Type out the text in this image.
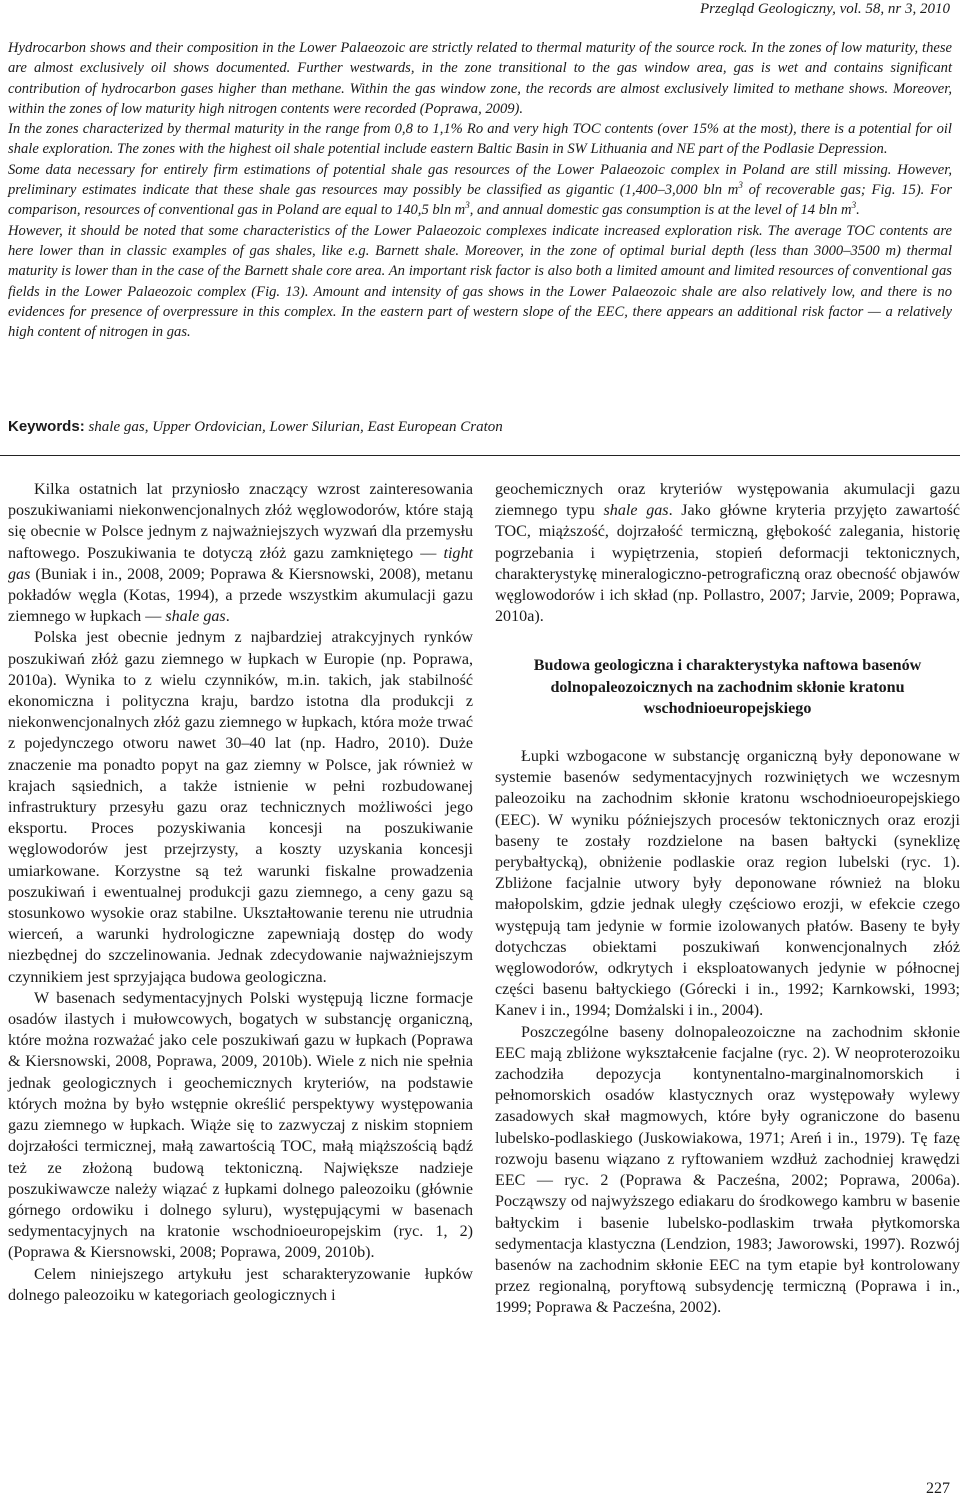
Przegląd Geologiczny, vol. 58, nr 3, 2010

Hydrocarbon shows and their composition in the Lower Palaeozoic are strictly related to thermal maturity of the source rock. In the zones of low maturity, these are almost exclusively oil shows documented. Further westwards, in the zone transitional to the gas window area, gas is wet and contains significant contribution of hydrocarbon gases higher than methane. Within the gas window zone, the records are almost exclusively limited to methane shows. Moreover, within the zones of low maturity high nitrogen contents were recorded (Poprawa, 2009).

In the zones characterized by thermal maturity in the range from 0,8 to 1,1% Ro and very high TOC contents (over 15% at the most), there is a potential for oil shale exploration. The zones with the highest oil shale potential include eastern Baltic Basin in SW Lithuania and NE part of the Podlasie Depression.

Some data necessary for entirely firm estimations of potential shale gas resources of the Lower Palaeozoic complex in Poland are still missing. However, preliminary estimates indicate that these shale gas resources may possibly be classified as gigantic (1,400–3,000 bln $m^3$ of recoverable gas; Fig. 15). For comparison, resources of conventional gas in Poland are equal to 140,5 bln $m^3$, and annual domestic gas consumption is at the level of 14 bln $m^3$.

However, it should be noted that some characteristics of the Lower Palaeozoic complexes indicate increased exploration risk. The average TOC contents are here lower than in classic examples of gas shales, like e.g. Barnett shale. Moreover, in the zone of optimal burial depth (less than 3000–3500 m) thermal maturity is lower than in the case of the Barnett shale core area. An important risk factor is also both a limited amount and limited resources of conventional gas fields in the Lower Palaeozoic complex (Fig. 13). Amount and intensity of gas shows in the Lower Palaeozoic shale are also relatively low, and there is no evidences for presence of overpressure in this complex. In the eastern part of western slope of the EEC, there appears an additional risk factor — a relatively high content of nitrogen in gas.

Keywords: shale gas, Upper Ordovician, Lower Silurian, East European Craton

Kilka ostatnich lat przyniosło znaczący wzrost zainteresowania poszukiwaniami niekonwencjonalnych złóż węglowodorów, które stają się obecnie w Polsce jednym z najważniejszych wyzwań dla przemysłu naftowego. Poszukiwania te dotyczą złóż gazu zamkniętego — tight gas (Buniak i in., 2008, 2009; Poprawa & Kiersnowski, 2008), metanu pokładów węgla (Kotas, 1994), a przede wszystkim akumulacji gazu ziemnego w łupkach — shale gas.

Polska jest obecnie jednym z najbardziej atrakcyjnych rynków poszukiwań złóż gazu ziemnego w łupkach w Europie (np. Poprawa, 2010a). Wynika to z wielu czynników, m.in. takich, jak stabilność ekonomiczna i polityczna kraju, bardzo istotna dla produkcji z niekonwencjonalnych złóż gazu ziemnego w łupkach, która może trwać z pojedynczego otworu nawet 30–40 lat (np. Hadro, 2010). Duże znaczenie ma ponadto popyt na gaz ziemny w Polsce, jak również w krajach sąsiednich, a także istnienie w pełni rozbudowanej infrastruktury przesyłu gazu oraz technicznych możliwości jego eksportu. Proces pozyskiwania koncesji na poszukiwanie węglowodorów jest przejrzysty, a koszty uzyskania koncesji umiarkowane. Korzystne są też warunki fiskalne prowadzenia poszukiwań i ewentualnej produkcji gazu ziemnego, a ceny gazu są stosunkowo wysokie oraz stabilne. Ukształtowanie terenu nie utrudnia wierceń, a warunki hydrologiczne zapewniają dostęp do wody niezbędnej do szczelinowania. Jednak zdecydowanie najważniejszym czynnikiem jest sprzyjająca budowa geologiczna.

W basenach sedymentacyjnych Polski występują liczne formacje osadów ilastych i mułowcowych, bogatych w substancję organiczną, które można rozważać jako cele poszukiwań gazu w łupkach (Poprawa & Kiersnowski, 2008, Poprawa, 2009, 2010b). Wiele z nich nie spełnia jednak geologicznych i geochemicznych kryteriów, na podstawie których można by było wstępnie określić perspektywy występowania gazu ziemnego w łupkach. Wiąże się to zazwyczaj z niskim stopniem dojrzałości termicznej, małą zawartością TOC, małą miąższością bądź też ze złożoną budową tektoniczną. Największe nadzieje poszukiwawcze należy wiązać z łupkami dolnego paleozoiku (głównie górnego ordowiku i dolnego syluru), występującymi w basenach sedymentacyjnych na kratonie wschodnioeuropejskim (ryc. 1, 2) (Poprawa & Kiersnowski, 2008; Poprawa, 2009, 2010b).

Celem niniejszego artykułu jest scharakteryzowanie łupków dolnego paleozoiku w kategoriach geologicznych i

geochemicznych oraz kryteriów występowania akumulacji gazu ziemnego typu shale gas. Jako główne kryteria przyjęto zawartość TOC, miąższość, dojrzałość termiczną, głębokość zalegania, historię pogrzebania i wypiętrzenia, stopień deformacji tektonicznych, charakterystykę mineralogiczno-petrograficzną oraz obecność objawów węglowodorów i ich skład (np. Pollastro, 2007; Jarvie, 2009; Poprawa, 2010a).

Budowa geologiczna i charakterystyka naftowa basenów dolnopaleozoicznych na zachodnim skłonie kratonu wschodnioeuropejskiego

Łupki wzbogacone w substancję organiczną były deponowane w systemie basenów sedymentacyjnych rozwiniętych we wczesnym paleozoiku na zachodnim skłonie kratonu wschodnioeuropejskiego (EEC). W wyniku późniejszych procesów tektonicznych oraz erozji baseny te zostały rozdzielone na basen bałtycki (syneklizę perybałtycką), obniżenie podlaskie oraz region lubelski (ryc. 1). Zbliżone facjalnie utwory były deponowane również na bloku małopolskim, gdzie jednak uległy częściowo erozji, w efekcie czego występują tam jedynie w formie izolowanych płatów. Baseny te były dotychczas obiektami poszukiwań konwencjonalnych złóż węglowodorów, odkrytych i eksploatowanych jedynie w północnej części basenu bałtyckiego (Górecki i in., 1992; Karnkowski, 1993; Kanev i in., 1994; Domżalski i in., 2004).

Poszczególne baseny dolnopaleozoiczne na zachodnim skłonie EEC mają zbliżone wykształcenie facjalne (ryc. 2). W neoproterozoiku zachodziła depozycja kontynentalno-marginalnomorskich i pełnomorskich osadów klastycznych oraz występowały wylewy zasadowych skał magmowych, które były ograniczone do basenu lubelsko-podlaskiego (Juskowiakowa, 1971; Areń i in., 1979). Tę fazę rozwoju basenu wiązano z ryftowaniem wzdłuż zachodniej krawędzi EEC — ryc. 2 (Poprawa & Pacześna, 2002; Poprawa, 2006a). Począwszy od najwyższego ediakaru do środkowego kambru w basenie bałtyckim i basenie lubelsko-podlaskim trwała płytkomorska sedymentacja klastyczna (Lendzion, 1983; Jaworowski, 1997). Rozwój basenów na zachodnim skłonie EEC na tym etapie był kontrolowany przez regionalną, poryftową subsydencję termiczną (Poprawa i in., 1999; Poprawa & Pacześna, 2002).

227
